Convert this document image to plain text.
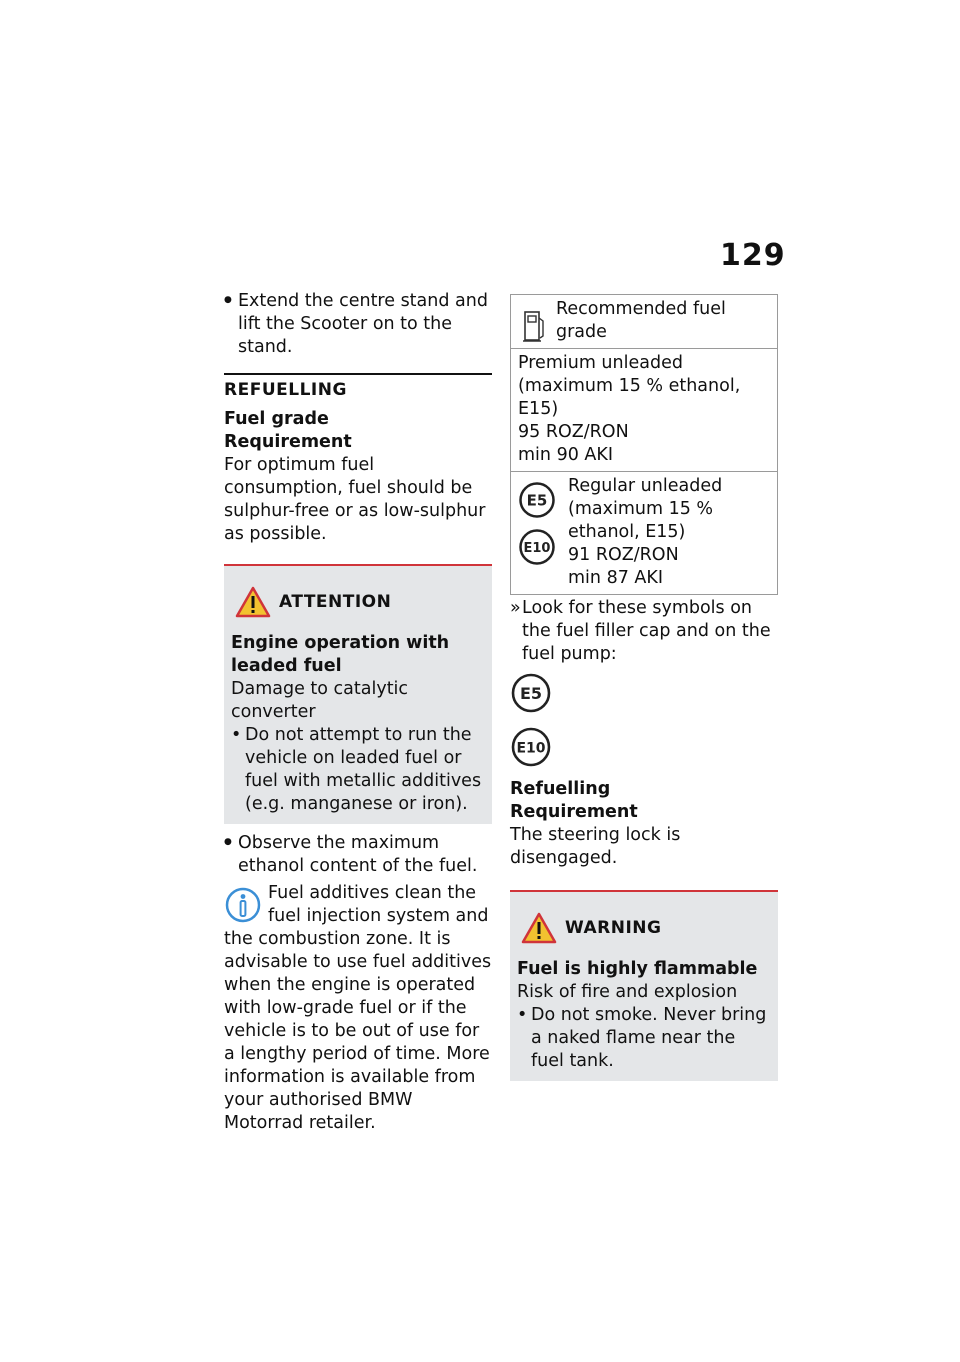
129
● Extend the centre stand and lift the Scooter on to the stand.
REFUELLING
Fuel grade
Requirement
For optimum fuel consumption, fuel should be sulphur-free or as low-sulphur as possible.
ATTENTION

Engine operation with leaded fuel

Damage to catalytic converter

• Do not attempt to run the vehicle on leaded fuel or fuel with metallic additives (e.g. manganese or iron).
● Observe the maximum ethanol content of the fuel.
Fuel additives clean the fuel injection system and
the combustion zone. It is advisable to use fuel additives when the engine is operated with low-grade fuel or if the vehicle is to be out of use for a lengthy period of time. More information is available from your authorised BMW Motorrad retailer.
Recommended fuel grade

Premium unleaded
(maximum 15 % ethanol,
E15)
95 ROZ/RON
min 90 AKI

E5

E10
Regular unleaded
(maximum 15 %
ethanol, E15)
91 ROZ/RON
min 87 AKI
» Look for these symbols on the fuel filler cap and on the fuel pump:
E5
E10
Refuelling
Requirement
The steering lock is disengaged.
WARNING

Fuel is highly flammable

Risk of fire and explosion

• Do not smoke. Never bring a naked flame near the fuel tank.
